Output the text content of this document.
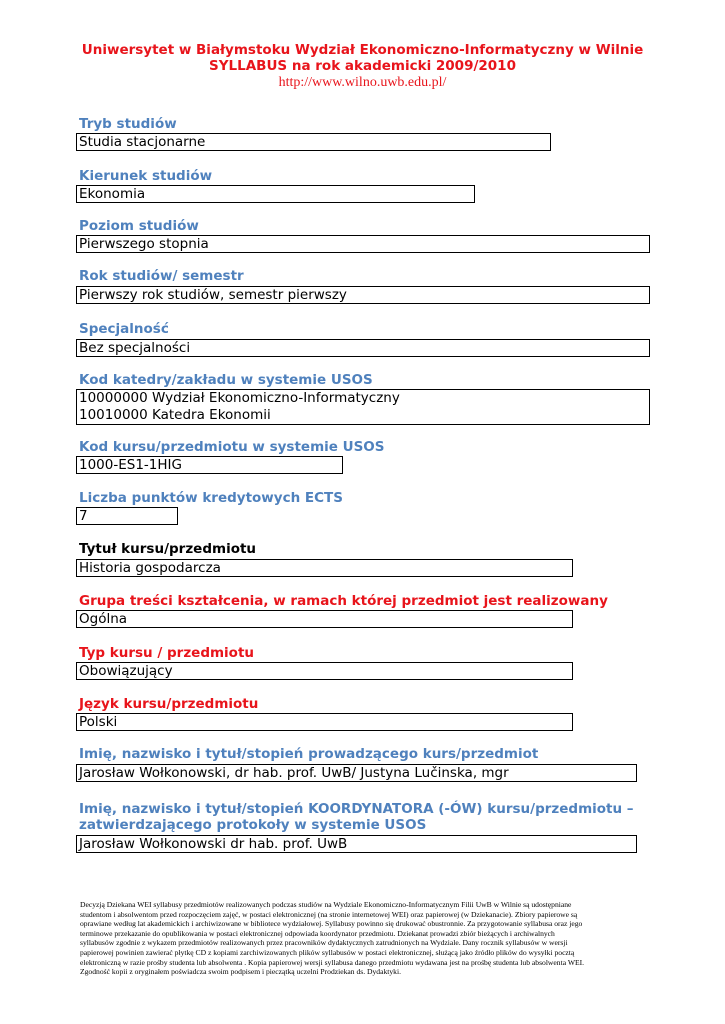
Uniwersytet w Białymstoku Wydział Ekonomiczno-Informatyczny w Wilnie
SYLLABUS na rok akademicki 2009/2010
http://www.wilno.uwb.edu.pl/
Tryb studiów
Studia stacjonarne
Kierunek studiów
Ekonomia
Poziom studiów
Pierwszego stopnia
Rok studiów/ semestr
Pierwszy rok studiów, semestr pierwszy
Specjalność
Bez specjalności
Kod katedry/zakładu w systemie USOS
10000000 Wydział Ekonomiczno-Informatyczny
10010000 Katedra Ekonomii
Kod kursu/przedmiotu w systemie USOS
1000-ES1-1HIG
Liczba punktów kredytowych ECTS
7
Tytuł kursu/przedmiotu
Historia gospodarcza
Grupa treści kształcenia, w ramach której przedmiot jest realizowany
Ogólna
Typ kursu / przedmiotu
Obowiązujący
Język kursu/przedmiotu
Polski
Imię, nazwisko i tytuł/stopień prowadzącego kurs/przedmiot
Jarosław Wołkonowski, dr hab. prof. UwB/ Justyna Lučinska, mgr
Imię, nazwisko i tytuł/stopień KOORDYNATORA (-ÓW) kursu/przedmiotu –
zatwierdzającego protokoły w systemie USOS
Jarosław Wołkonowski dr hab. prof. UwB
Decyzją Dziekana WEI syllabusy przedmiotów realizowanych podczas studiów na Wydziale Ekonomiczno-Informatycznym Filii UwB w Wilnie są udostępniane
studentom i absolwentom przed rozpoczęciem zajęć, w postaci elektronicznej (na stronie internetowej WEI) oraz papierowej (w Dziekanacie). Zbiory papierowe są
oprawiane według lat akademickich i archiwizowane w bibliotece wydziałowej. Syllabusy powinno się drukować obustronnie. Za przygotowanie syllabusa oraz jego
terminowe przekazanie do opublikowania w postaci elektronicznej odpowiada koordynator przedmiotu. Dziekanat prowadzi zbiór bieżących i archiwalnych
syllabusów zgodnie z wykazem przedmiotów realizowanych przez pracowników dydaktycznych zatrudnionych na Wydziale. Dany rocznik syllabusów w wersji
papierowej powinien zawierać płytkę CD z kopiami zarchiwizowanych plików syllabusów w postaci elektronicznej, służącą jako źródło plików do wysyłki pocztą
elektroniczną w razie prośby studenta lub absolwenta . Kopia papierowej wersji syllabusa danego przedmiotu wydawana jest na prośbę studenta lub absolwenta WEI.
Zgodność kopii z oryginałem poświadcza swoim podpisem i pieczątką uczelni Prodziekan ds. Dydaktyki.
